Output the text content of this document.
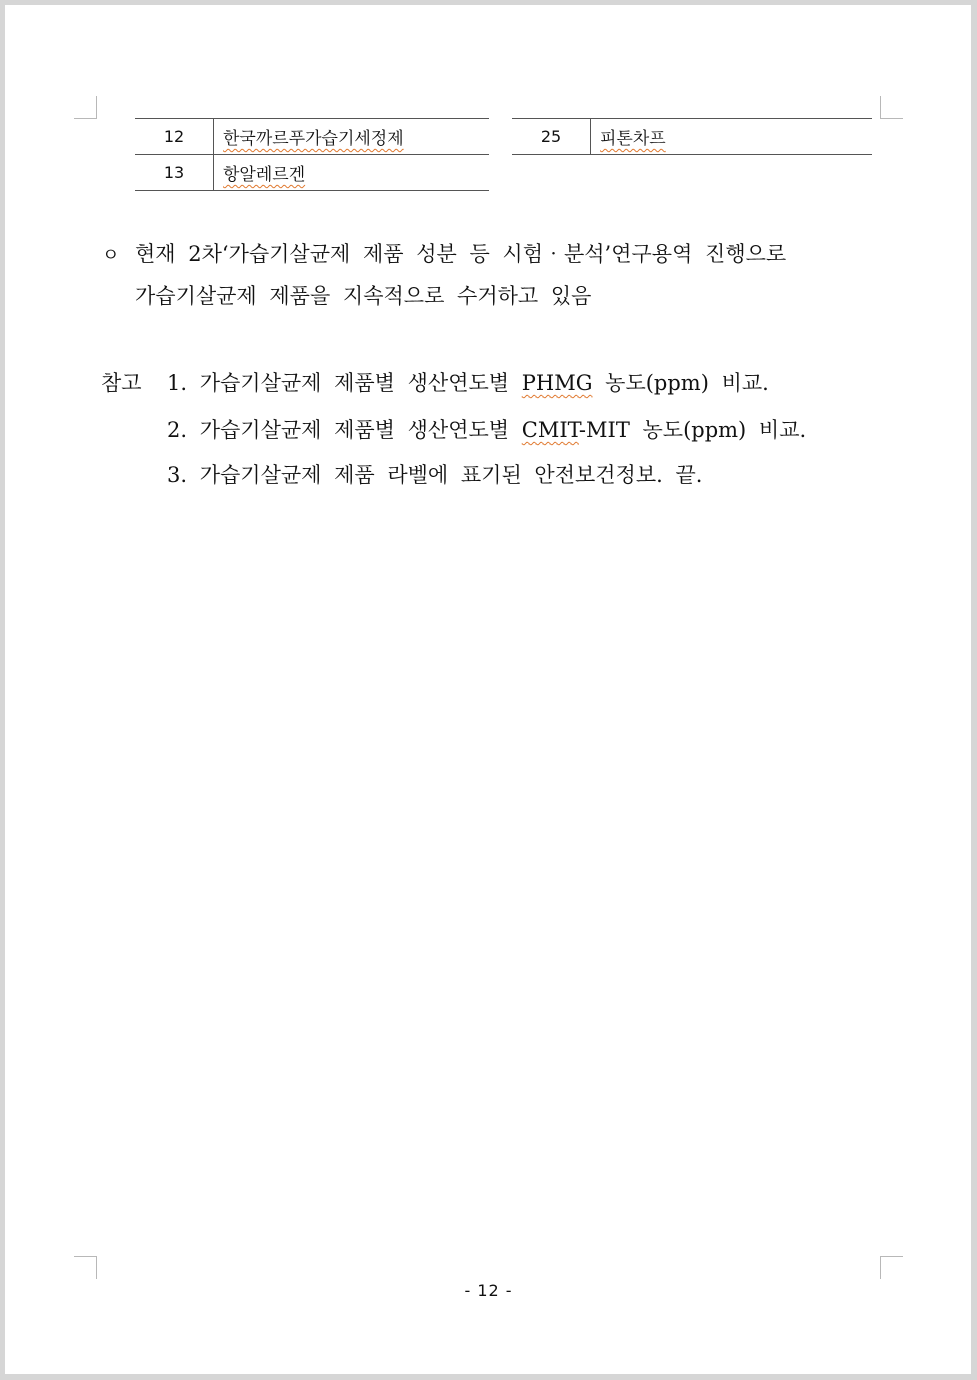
12	한국까르푸가습기세정제
13	항알레르겐
25	피톤차프
ㅇ 현재 2차‘가습기살균제 제품 성분 등 시험‧분석’연구용역 진행으로
가습기살균제 제품을 지속적으로 수거하고 있음
참고 1. 가습기살균제 제품별 생산연도별 PHMG 농도(ppm) 비교.
2. 가습기살균제 제품별 생산연도별 CMIT-MIT 농도(ppm) 비교.
3. 가습기살균제 제품 라벨에 표기된 안전보건정보. 끝.
- 12 -
